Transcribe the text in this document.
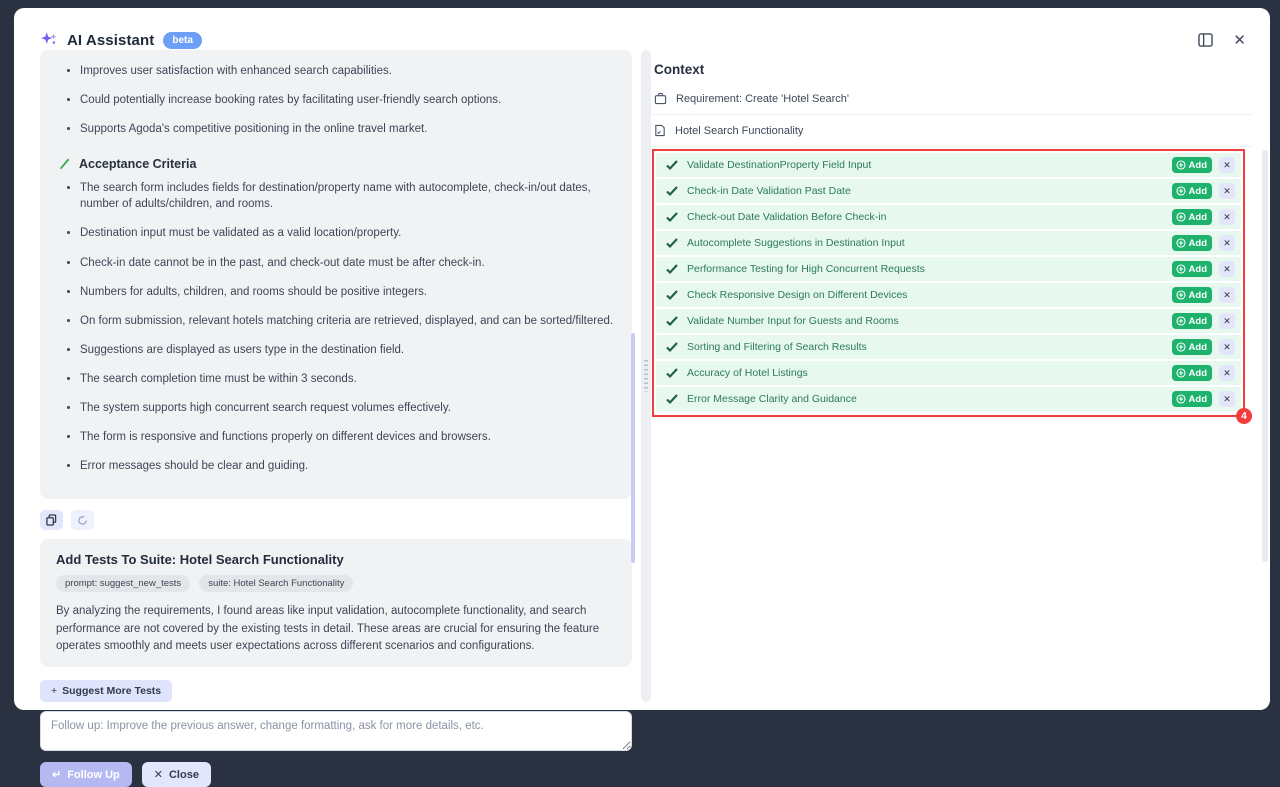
AI Assistant	beta	✕
• Improves user satisfaction with enhanced search capabilities.
• Could potentially increase booking rates by facilitating user-friendly search options.
• Supports Agoda's competitive positioning in the online travel market.
Acceptance Criteria
• The search form includes fields for destination/property name with autocomplete, check-in/out dates, number of adults/children, and rooms.
• Destination input must be validated as a valid location/property.
• Check-in date cannot be in the past, and check-out date must be after check-in.
• Numbers for adults, children, and rooms should be positive integers.
• On form submission, relevant hotels matching criteria are retrieved, displayed, and can be sorted/filtered.
• Suggestions are displayed as users type in the destination field.
• The search completion time must be within 3 seconds.
• The system supports high concurrent search request volumes effectively.
• The form is responsive and functions properly on different devices and browsers.
• Error messages should be clear and guiding.
Add Tests To Suite: Hotel Search Functionality
prompt: suggest_new_tests	suite: Hotel Search Functionality
By analyzing the requirements, I found areas like input validation, autocomplete functionality, and search performance are not covered by the existing tests in detail. These areas are crucial for ensuring the feature operates smoothly and meets user expectations across different scenarios and configurations.
+ Suggest More Tests
Follow up: Improve the previous answer, change formatting, ask for more details, etc.
↵ Follow Up	✕ Close
Context
Requirement: Create 'Hotel Search'
Hotel Search Functionality
Validate DestinationProperty Field Input	Add	✕
Check-in Date Validation Past Date	Add	✕
Check-out Date Validation Before Check-in	Add	✕
Autocomplete Suggestions in Destination Input	Add	✕
Performance Testing for High Concurrent Requests	Add	✕
Check Responsive Design on Different Devices	Add	✕
Validate Number Input for Guests and Rooms	Add	✕
Sorting and Filtering of Search Results	Add	✕
Accuracy of Hotel Listings	Add	✕
Error Message Clarity and Guidance	Add	✕
4
